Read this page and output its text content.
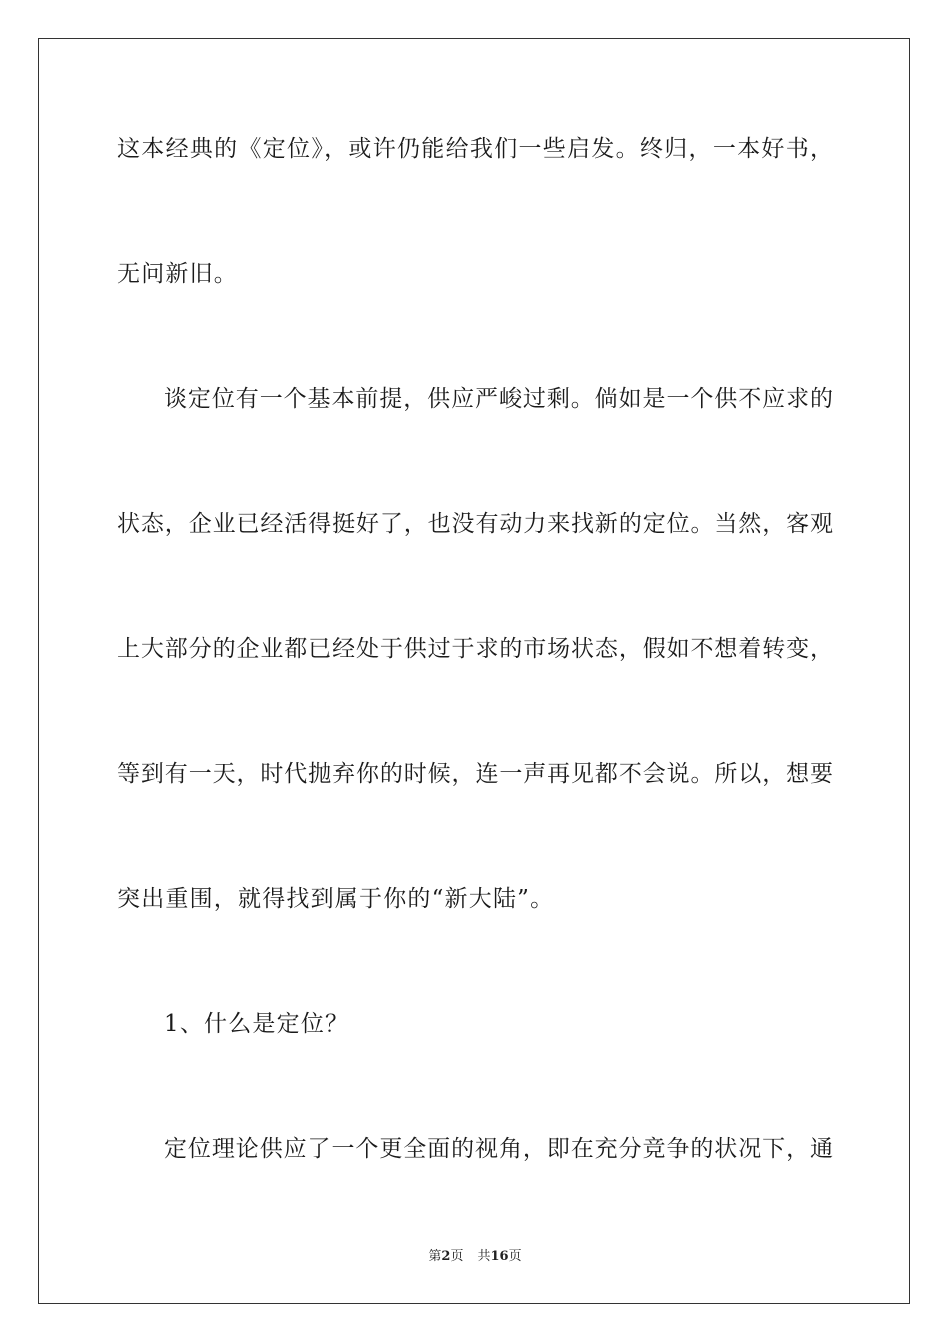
这本经典的《定位》，或许仍能给我们一些启发。终归，一本好书，
无问新旧。
谈定位有一个基本前提，供应严峻过剩。倘如是一个供不应求的
状态，企业已经活得挺好了，也没有动力来找新的定位。当然，客观
上大部分的企业都已经处于供过于求的市场状态，假如不想着转变，
等到有一天，时代抛弃你的时候，连一声再见都不会说。所以，想要
突出重围，就得找到属于你的“新大陆”。
1、什么是定位？
定位理论供应了一个更全面的视角，即在充分竞争的状况下，通
第2页 共16页
